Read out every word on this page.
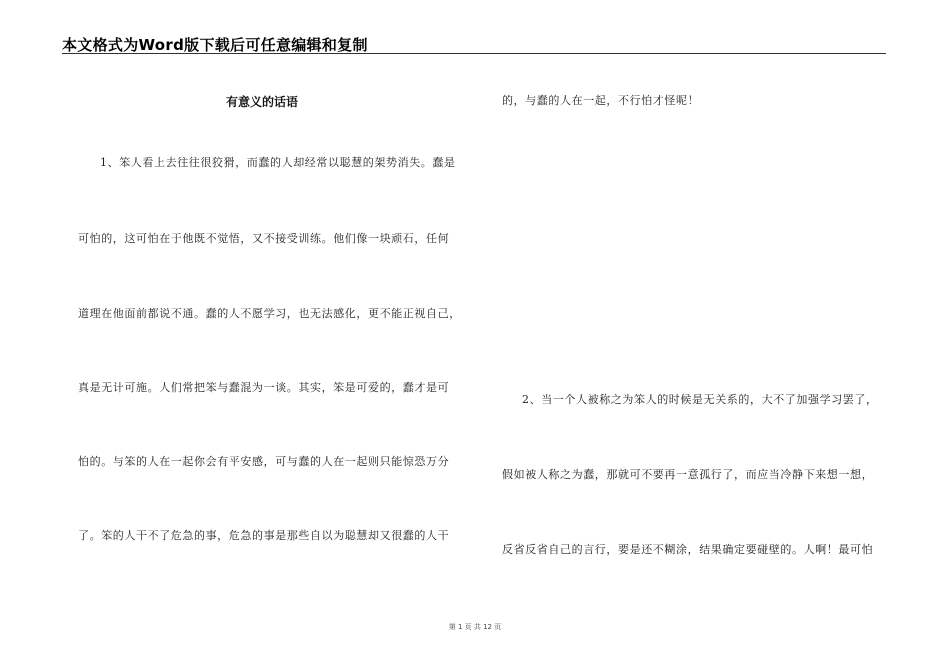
本文格式为Word版下载后可任意编辑和复制
有意义的话语
1、笨人看上去往往很狡猾，而蠢的人却经常以聪慧的架势消失。蠢是
可怕的，这可怕在于他既不觉悟，又不接受训练。他们像一块顽石，任何
道理在他面前都说不通。蠢的人不愿学习，也无法感化，更不能正视自己，
真是无计可施。人们常把笨与蠢混为一谈。其实，笨是可爱的，蠢才是可
怕的。与笨的人在一起你会有平安感，可与蠢的人在一起则只能惊恐万分
了。笨的人干不了危急的事，危急的事是那些自以为聪慧却又很蠢的人干
的，与蠢的人在一起，不行怕才怪呢！
2、当一个人被称之为笨人的时候是无关系的，大不了加强学习罢了，
假如被人称之为蠢，那就可不要再一意孤行了，而应当冷静下来想一想，
反省反省自己的言行，要是还不糊涂，结果确定要碰壁的。人啊！最可怕
第 1 页 共 12 页
